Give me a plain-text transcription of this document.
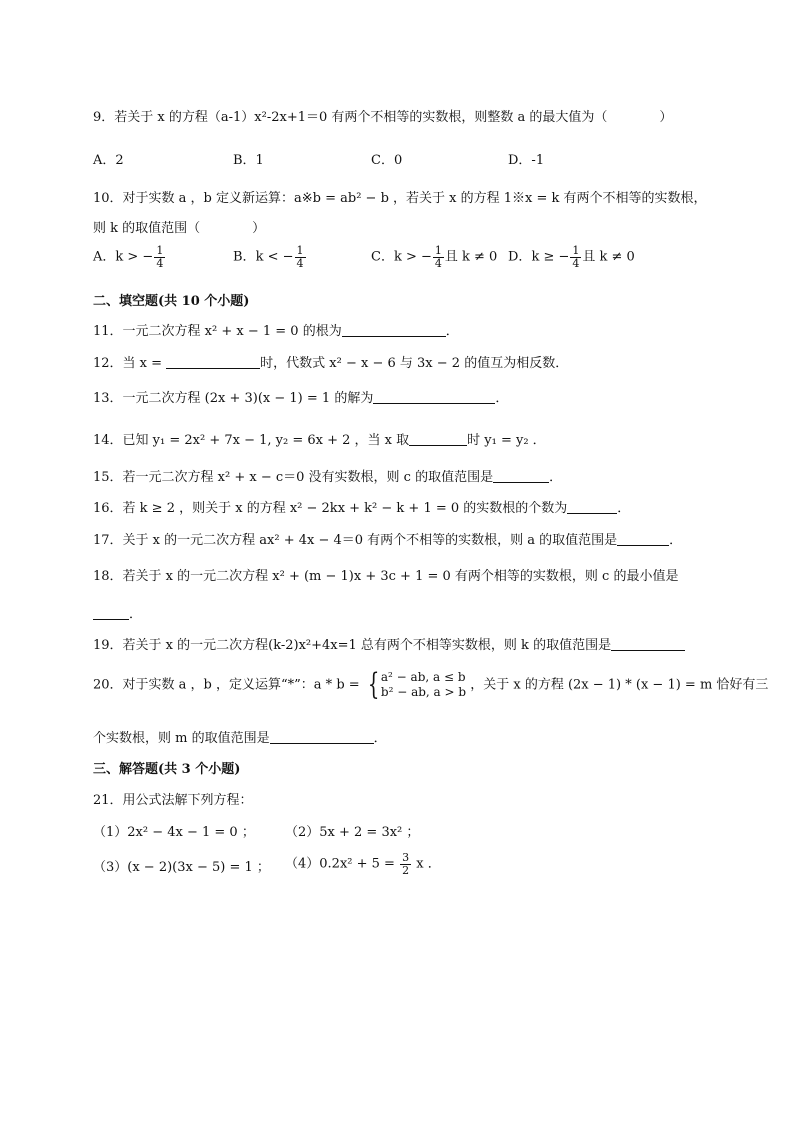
9．若关于 x 的方程（a-1）x²-2x+1＝0 有两个不相等的实数根，则整数 a 的最大值为（　　　　）
A．2	B．1	C．0	D．-1
10．对于实数 a ，b 定义新运算：a※b = ab² − b ，若关于 x 的方程 1※x = k 有两个不相等的实数根，
则 k 的取值范围（　　　　）
A．k > − $\frac{1}{4}$	B．k < − $\frac{1}{4}$	C．k > − $\frac{1}{4}$ 且 k ≠ 0 D．k ≥ − $\frac{1}{4}$ 且 k ≠ 0
二、填空题(共 10 个小题)
11．一元二次方程 x² + x − 1 = 0 的根为	．
12．当 x =	时，代数式 x² − x − 6 与 3x − 2 的值互为相反数．
13．一元二次方程 (2x + 3)(x − 1) = 1 的解为	．
14．已知 y₁ = 2x² + 7x − 1, y₂ = 6x + 2 ，当 x 取	时 y₁ = y₂ ．
15．若一元二次方程 x² + x − c＝0 没有实数根，则 c 的取值范围是	．
16．若 k ≥ 2 ，则关于 x 的方程 x² − 2kx + k² − k + 1 = 0 的实数根的个数为	．
17．关于 x 的一元二次方程 ax² + 4x − 4＝0 有两个不相等的实数根，则 a 的取值范围是	．
18．若关于 x 的一元二次方程 x² + (m − 1)x + 3c + 1 = 0 有两个相等的实数根，则 c 的最小值是
．
19．若关于 x 的一元二次方程(k-2)x²+4x=1 总有两个不相等实数根，则 k 的取值范围是
20．对于实数 a ，b ，定义运算“*”：a * b = { a² − ab, a ≤ b
b² − ab, a > b ，关于 x 的方程 (2x − 1) * (x − 1) = m 恰好有三
个实数根，则 m 的取值范围是	．
三、解答题(共 3 个小题)
21．用公式法解下列方程：
（1）2x² − 4x − 1 = 0 ； （2）5x + 2 = 3x² ；
（3）(x − 2)(3x − 5) = 1 ； $(4)0.2x^2 + 5 = \frac{3}{2}$ x ．
